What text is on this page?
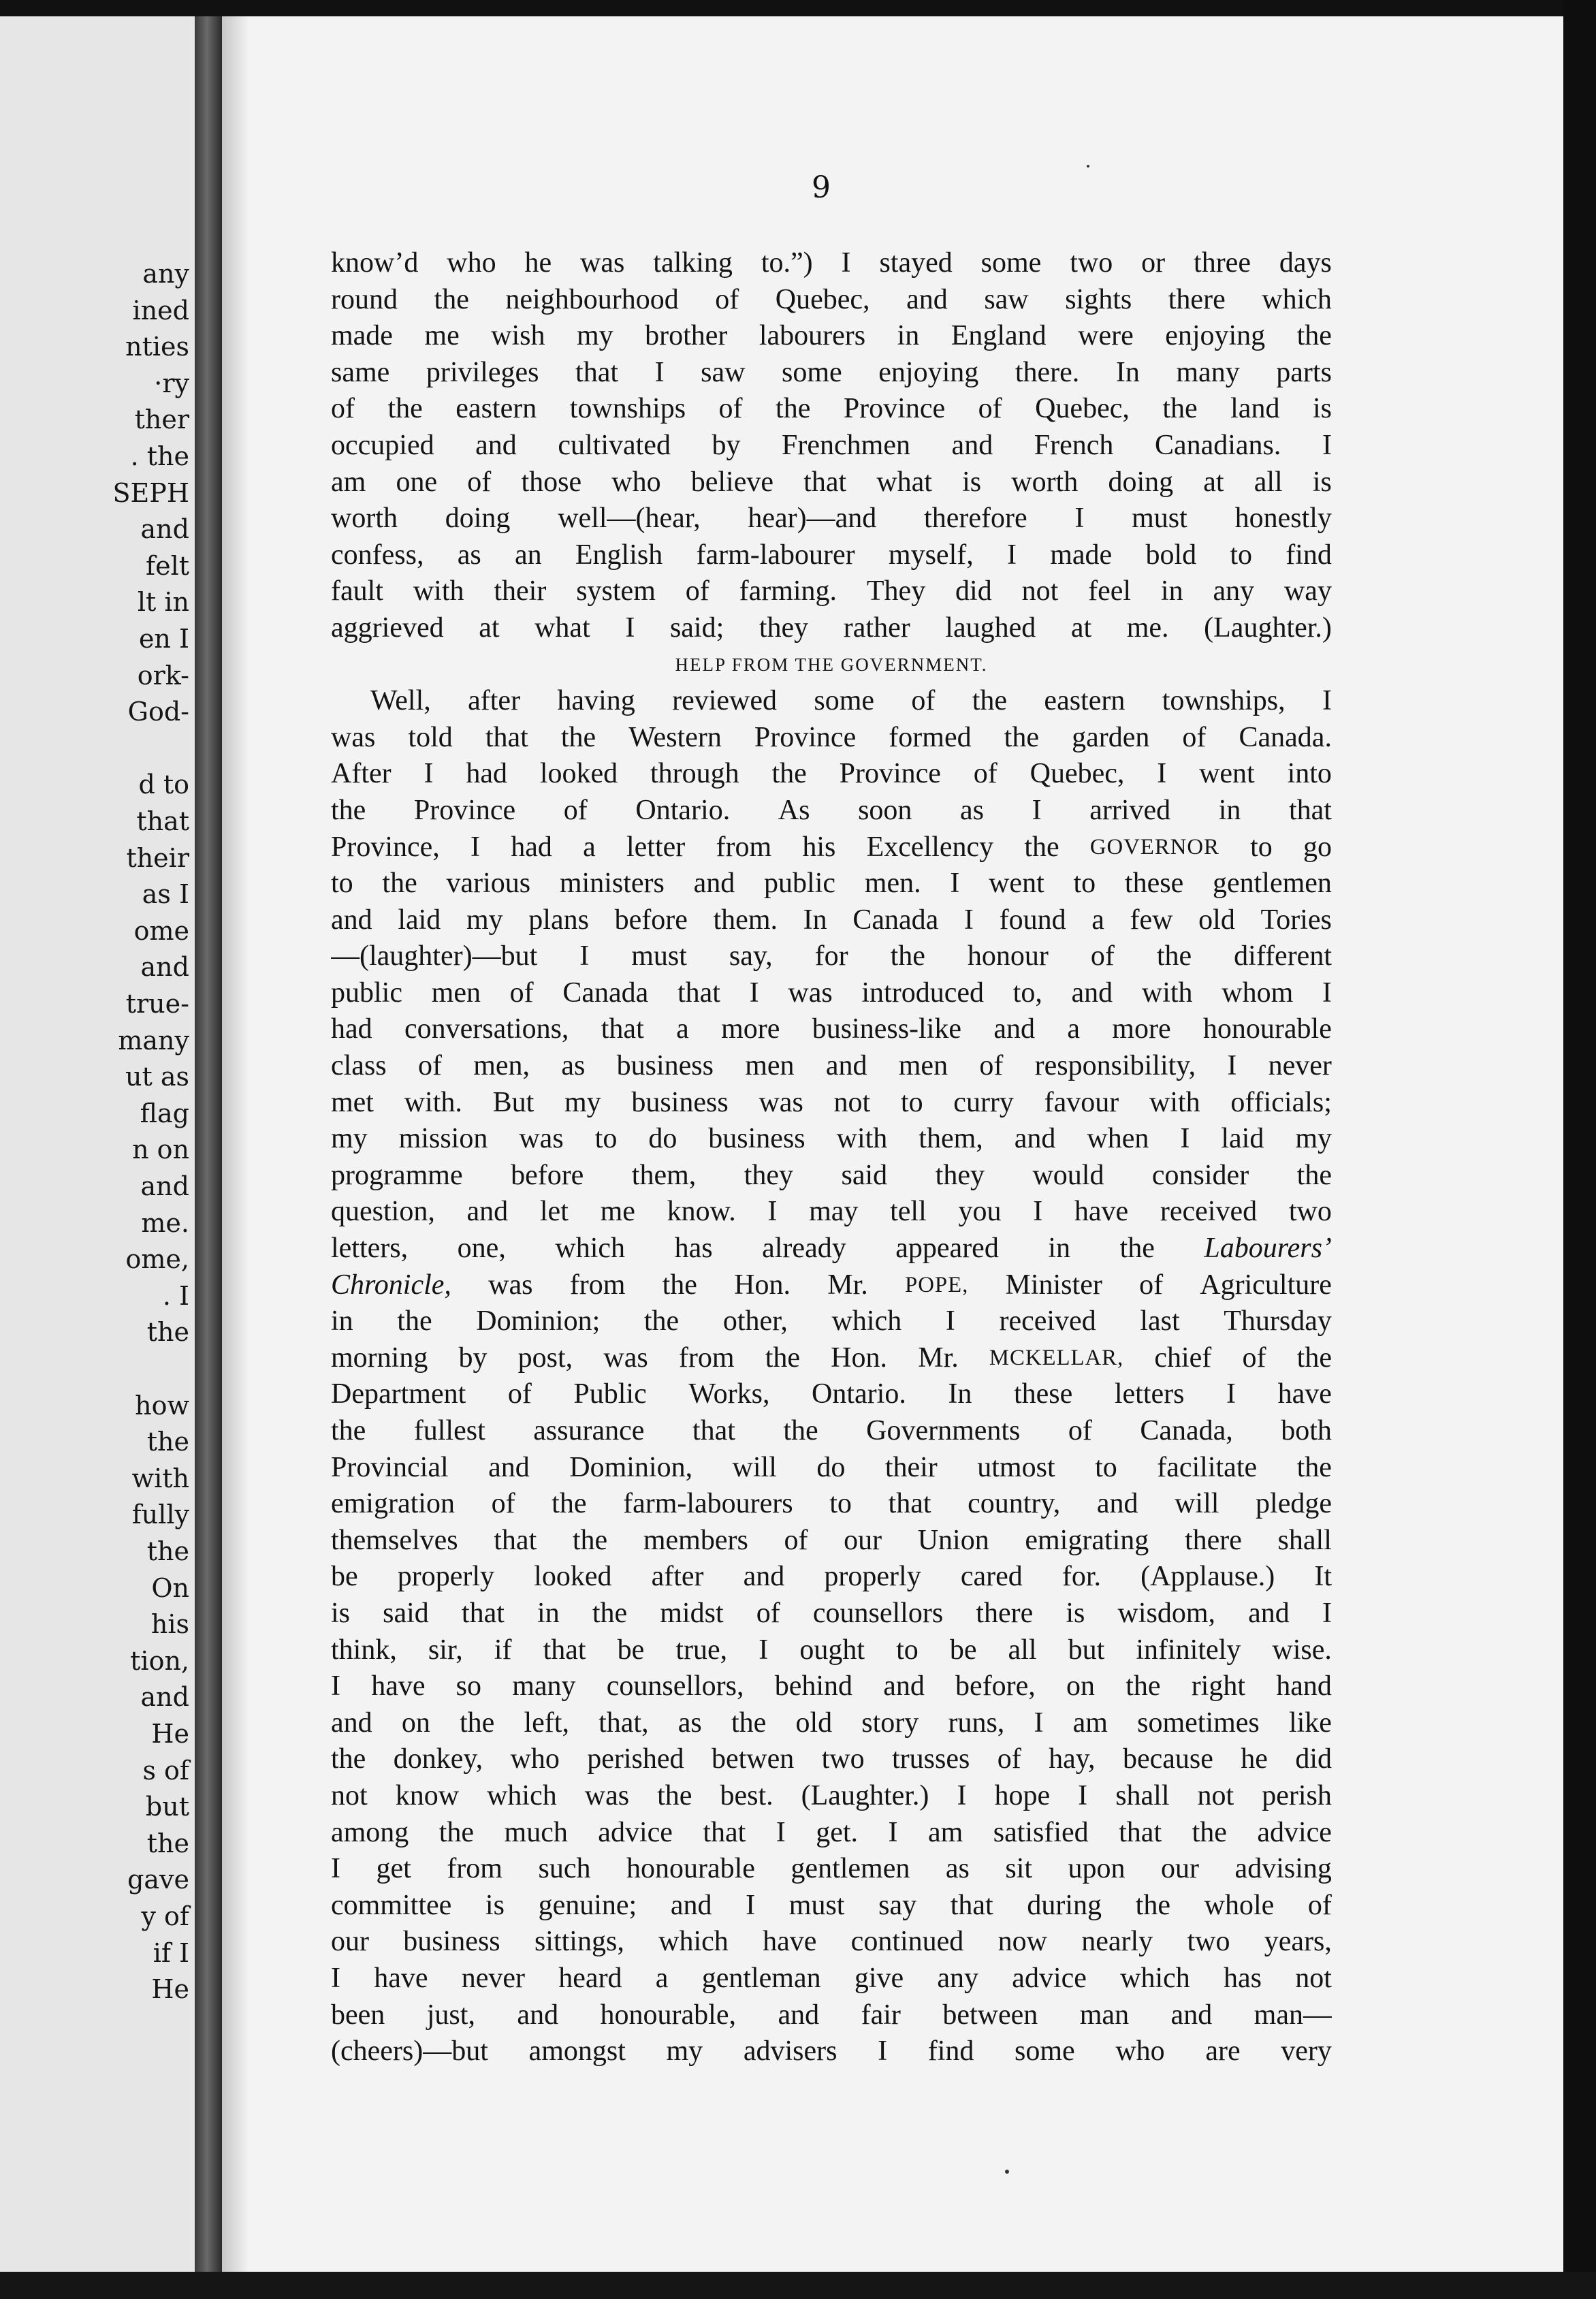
any
ined
nties
·ry
ther
. the
SEPH
and
felt
lt in
en I
ork-
God-
d to
that
their
as I
ome
and
true-
many
ut as
flag
n on
and
me.
ome,
. I
the
how
the
with
fully
the
On
his
tion,
and
He
s of
but
the
gave
y of
if I
He
9
know’d who he was talking to.”) I stayed some two or three days
round the neighbourhood of Quebec, and saw sights there which
made me wish my brother labourers in England were enjoying the
same privileges that I saw some enjoying there. In many parts
of the eastern townships of the Province of Quebec, the land is
occupied and cultivated by Frenchmen and French Canadians. I
am one of those who believe that what is worth doing at all is
worth doing well—(hear, hear)—and therefore I must honestly
confess, as an English farm-labourer myself, I made bold to find
fault with their system of farming. They did not feel in any way
aggrieved at what I said; they rather laughed at me. (Laughter.)
HELP FROM THE GOVERNMENT.
Well, after having reviewed some of the eastern townships, I
was told that the Western Province formed the garden of Canada.
After I had looked through the Province of Quebec, I went into
the Province of Ontario. As soon as I arrived in that
Province, I had a letter from his Excellency the GOVERNOR to go
to the various ministers and public men. I went to these gentlemen
and laid my plans before them. In Canada I found a few old Tories
—(laughter)—but I must say, for the honour of the different
public men of Canada that I was introduced to, and with whom I
had conversations, that a more business-like and a more honourable
class of men, as business men and men of responsibility, I never
met with. But my business was not to curry favour with officials;
my mission was to do business with them, and when I laid my
programme before them, they said they would consider the
question, and let me know. I may tell you I have received two
letters, one, which has already appeared in the Labourers’
Chronicle, was from the Hon. Mr. POPE, Minister of Agriculture
in the Dominion; the other, which I received last Thursday
morning by post, was from the Hon. Mr. MCKELLAR, chief of the
Department of Public Works, Ontario. In these letters I have
the fullest assurance that the Governments of Canada, both
Provincial and Dominion, will do their utmost to facilitate the
emigration of the farm-labourers to that country, and will pledge
themselves that the members of our Union emigrating there shall
be properly looked after and properly cared for. (Applause.) It
is said that in the midst of counsellors there is wisdom, and I
think, sir, if that be true, I ought to be all but infinitely wise.
I have so many counsellors, behind and before, on the right hand
and on the left, that, as the old story runs, I am sometimes like
the donkey, who perished betwen two trusses of hay, because he did
not know which was the best. (Laughter.) I hope I shall not perish
among the much advice that I get. I am satisfied that the advice
I get from such honourable gentlemen as sit upon our advising
committee is genuine; and I must say that during the whole of
our business sittings, which have continued now nearly two years,
I have never heard a gentleman give any advice which has not
been just, and honourable, and fair between man and man—
(cheers)—but amongst my advisers I find some who are very
